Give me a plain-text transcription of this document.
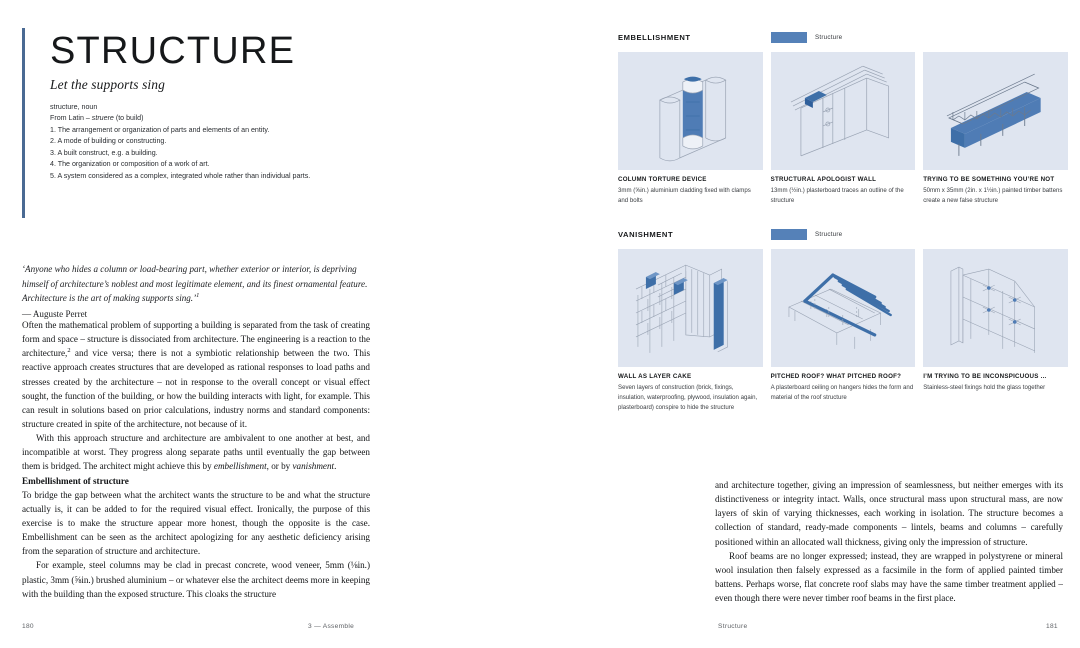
STRUCTURE
Let the supports sing
structure, noun
From Latin – struere (to build)
1. The arrangement or organization of parts and elements of an entity.
2. A mode of building or constructing.
3. A built construct, e.g. a building.
4. The organization or composition of a work of art.
5. A system considered as a complex, integrated whole rather than individual parts.
‘Anyone who hides a column or load-bearing part, whether exterior or interior, is depriving himself of architecture’s noblest and most legitimate element, and its finest ornamental feature. Architecture is the art of making supports sing.’$^1$
— Auguste Perret

Often the mathematical problem of supporting a building is separated from the task of creating form and space – structure is dissociated from architecture. The engineering is a reaction to the architecture,$^2$ and vice versa; there is not a symbiotic relationship between the two. This reactive approach creates structures that are developed as rational responses to load paths and stresses created by the architecture – not in response to the overall concept or visual effect sought, the function of the building, or how the building interacts with light, for example. This can result in solutions based on prior calculations, industry norms and standard components: structure created in spite of the architecture, not because of it.

With this approach structure and architecture are ambivalent to one another at best, and incompatible at worst. They progress along separate paths until eventually the gap between them is bridged. The architect might achieve this by embellishment, or by vanishment.

Embellishment of structure

To bridge the gap between what the architect wants the structure to be and what the structure actually is, it can be added to for the required visual effect. Ironically, the purpose of this exercise is to make the structure appear more honest, though the opposite is the case. Embellishment can be seen as the architect apologizing for any aesthetic deficiency arising from the separation of structure and architecture.

For example, steel columns may be clad in precast concrete, wood veneer, 5mm (⅛in.) plastic, 3mm (⅝in.) brushed aluminium – or whatever else the architect deems more in keeping with the building than the exposed structure. This cloaks the structure

180	3 — Assemble
EMBELLISHMENT	Structure
COLUMN TORTURE DEVICE
3mm (⅝in.) aluminium cladding fixed with clamps and bolts
STRUCTURAL APOLOGIST WALL
13mm (½in.) plasterboard traces an outline of the structure
TRYING TO BE SOMETHING YOU’RE NOT
50mm x 35mm (2in. x 1½in.) painted timber battens create a new false structure
VANISHMENT	Structure
WALL AS LAYER CAKE
Seven layers of construction (brick, fixings, insulation, waterproofing, plywood, insulation again, plasterboard) conspire to hide the structure
PITCHED ROOF? WHAT PITCHED ROOF?
A plasterboard ceiling on hangers hides the form and material of the roof structure
I’M TRYING TO BE INCONSPICUOUS ...
Stainless-steel fixings hold the glass together
Structure	181

and architecture together, giving an impression of seamlessness, but neither emerges with its distinctiveness or integrity intact. Walls, once structural mass upon structural mass, are now layers of skin of varying thicknesses, each working in isolation. The structure becomes a collection of standard, ready-made components – lintels, beams and columns – carefully positioned within an allocated wall thickness, giving only the impression of structure.

Roof beams are no longer expressed; instead, they are wrapped in polystyrene or mineral wool insulation then falsely expressed as a facsimile in the form of applied painted timber battens. Perhaps worse, flat concrete roof slabs may have the same timber treatment applied – even though there were never timber roof beams in the first place.
